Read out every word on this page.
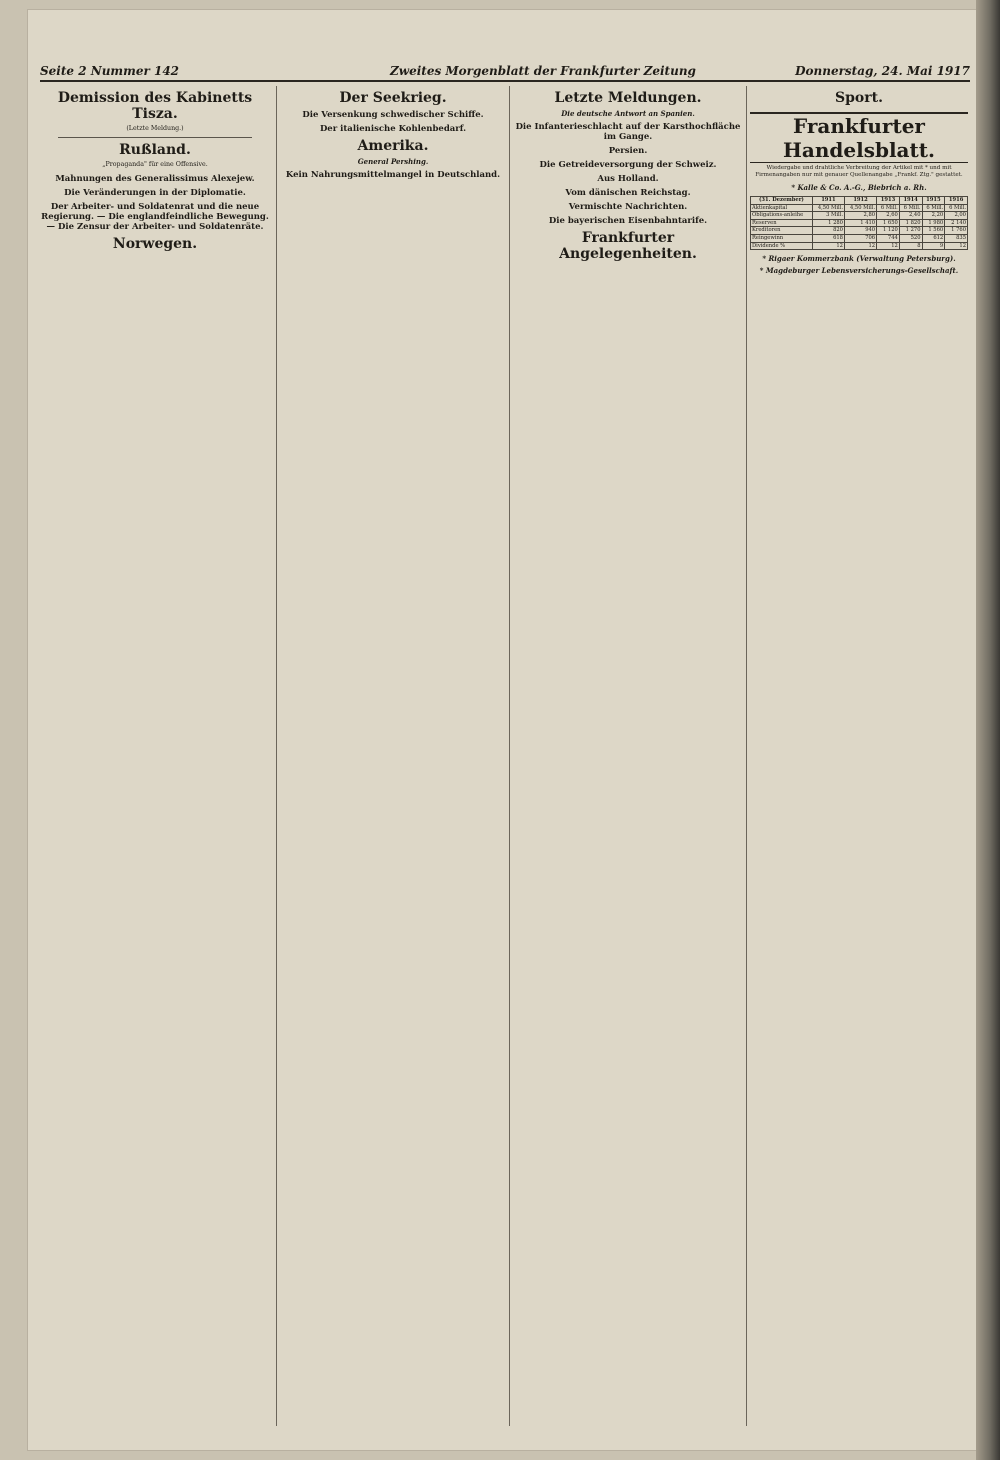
Seite 2 Nummer 142	Zweites Morgenblatt der Frankfurter Zeitung	Donnerstag, 24. Mai 1917
Demission des Kabinetts Tisza.
(Letzte Meldung.)
Rußland.
„Propaganda" für eine Offensive.
Mahnungen des Generalissimus Alexejew.
Die Veränderungen in der Diplomatie.
Der Arbeiter- und Soldatenrat und die neue Regierung. — Die englandfeindliche Bewegung. — Die Zensur der Arbeiter- und Soldatenräte.
Norwegen.
Der Seekrieg.
Die Versenkung schwedischer Schiffe.
Der italienische Kohlenbedarf.
Amerika.
General Pershing.
Kein Nahrungsmittelmangel in Deutschland.
Letzte Meldungen.
Die deutsche Antwort an Spanien.
Die Infanterieschlacht auf der Karsthochfläche im Gange.
Persien.
Die Getreideversorgung der Schweiz.
Aus Holland.
Vom dänischen Reichstag.
Vermischte Nachrichten.
Die bayerischen Eisenbahntarife.
Frankfurter Angelegenheiten.
Sport.
Frankfurter Handelsblatt.
Wiedergabe und drahtliche Verbreitung der Artikel mit * und mit Firmenangaben nur mit genauer Quellenangabe „Frankf. Ztg." gestattet.
* Kalle & Co. A.-G., Biebrich a. Rh.
(31. Dezember)	1911	1912	1913	1914	1915	1916
Aktienkapital	4,50 Mill.	4,50 Mill.	6 Mill.	6 Mill.	6 Mill.	6 Mill.
Obligations-anleihe	3 Mill.	2,80	2,60	2,40	2,20	2,00
Reserven	1 280	1 410	1 650	1 820	1 980	2 140
Kreditoren	820	940	1 120	1 270	1 560	1 760
Reingewinn	618	706	744	520	612	835
Dividende %	12	12	12	8	9	12
* Rigaer Kommerzbank (Verwaltung Petersburg).
* Magdeburger Lebensversicherungs-Gesellschaft.
